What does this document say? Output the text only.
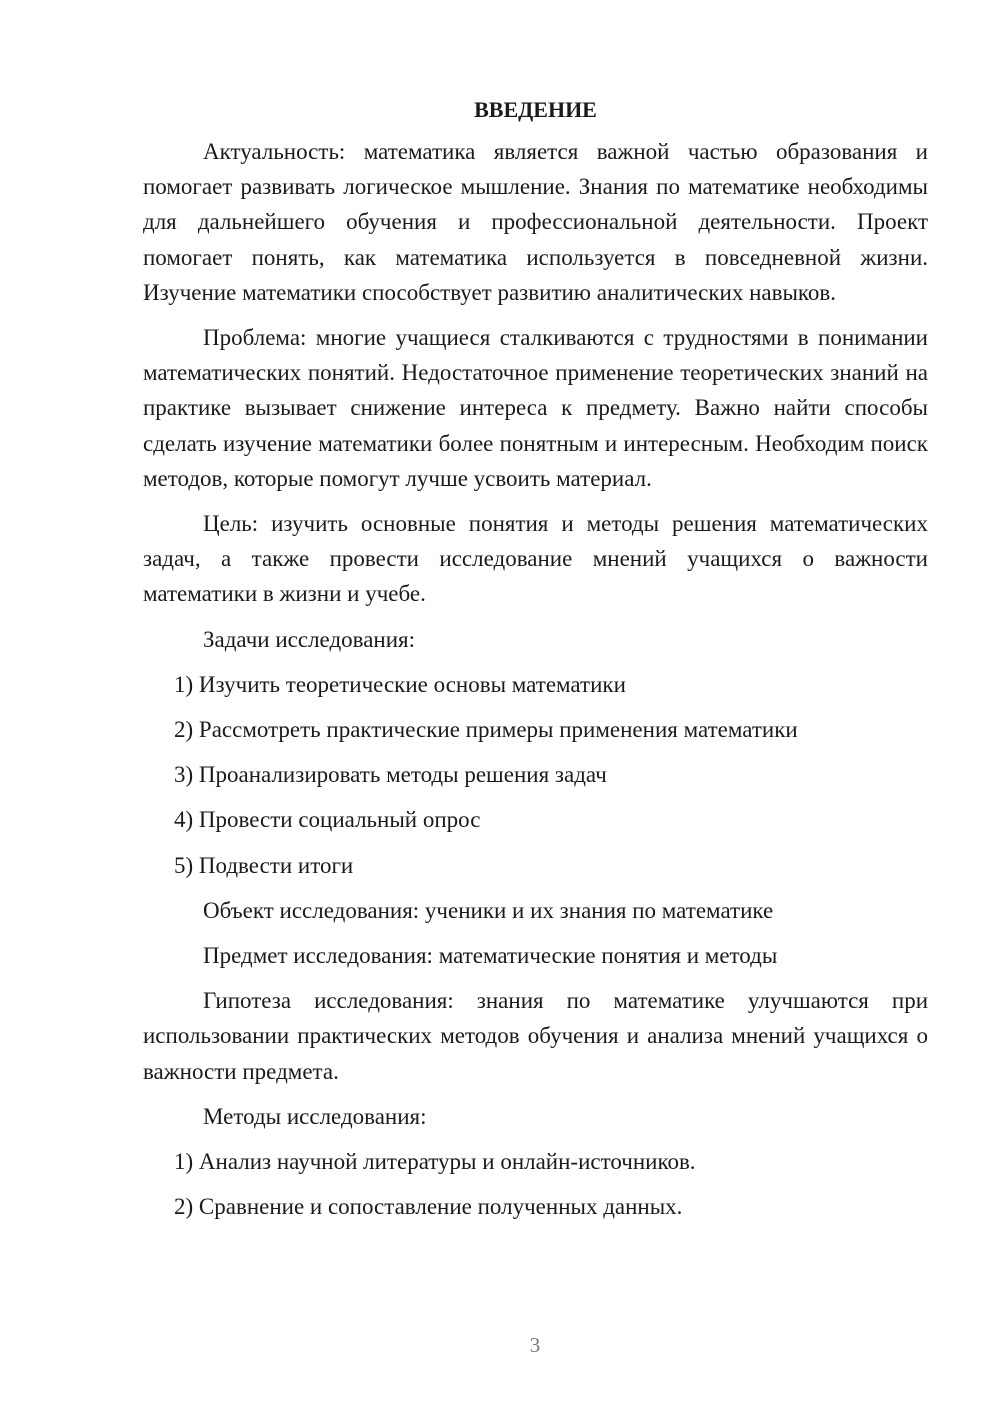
ВВЕДЕНИЕ

Актуальность: математика является важной частью образования и помогает развивать логическое мышление. Знания по математике необходимы для дальнейшего обучения и профессиональной деятельности. Проект помогает понять, как математика используется в повседневной жизни. Изучение математики способствует развитию аналитических навыков.

Проблема: многие учащиеся сталкиваются с трудностями в понимании математических понятий. Недостаточное применение теоретических знаний на практике вызывает снижение интереса к предмету. Важно найти способы сделать изучение математики более понятным и интересным. Необходим поиск методов, которые помогут лучше усвоить материал.

Цель: изучить основные понятия и методы решения математических задач, а также провести исследование мнений учащихся о важности математики в жизни и учебе.

Задачи исследования:
1) Изучить теоретические основы математики
2) Рассмотреть практические примеры применения математики
3) Проанализировать методы решения задач
4) Провести социальный опрос
5) Подвести итоги
Объект исследования: ученики и их знания по математике
Предмет исследования: математические понятия и методы

Гипотеза исследования: знания по математике улучшаются при использовании практических методов обучения и анализа мнений учащихся о важности предмета.

Методы исследования:
1) Анализ научной литературы и онлайн-источников.
2) Сравнение и сопоставление полученных данных.
3
